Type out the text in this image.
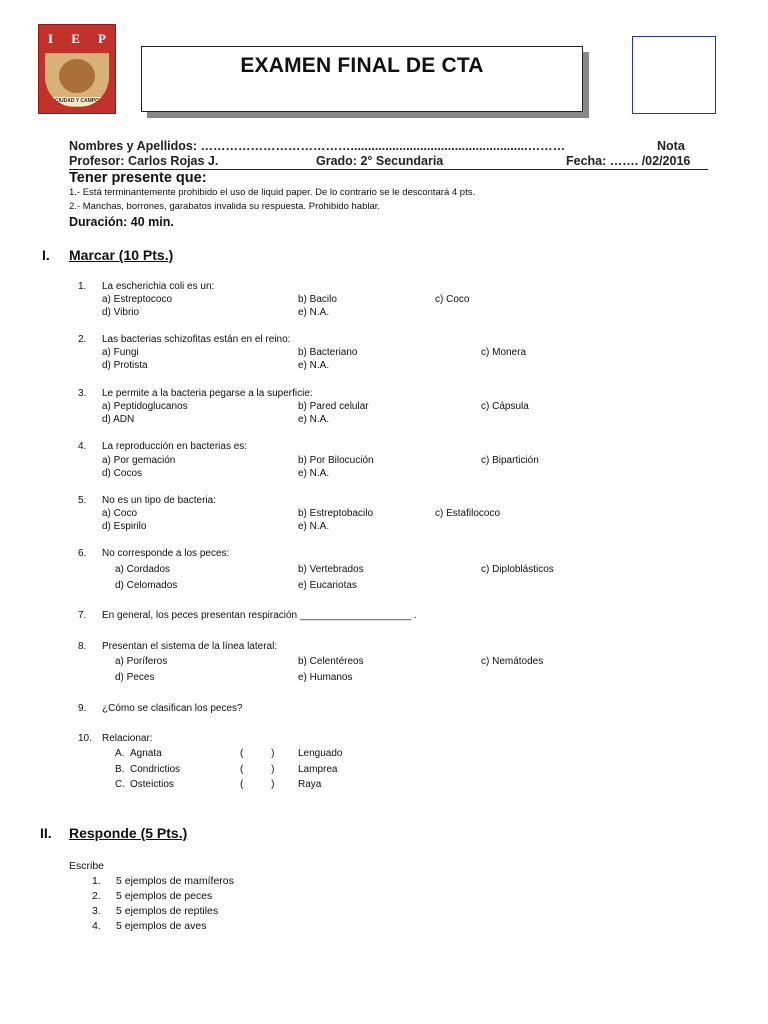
I E P
CIUDAD Y CAMPO
EXAMEN FINAL DE CTA
Nombres y Apellidos: ………………………………...................................................………	Nota
Profesor: Carlos Rojas J.	Grado: 2° Secundaria	Fecha: ……. /02/2016
Tener presente que:
1.- Está terminantemente prohibido el uso de liquid paper. De lo contrario se le descontará 4 pts.
2.- Manchas, borrones, garabatos invalida su respuesta. Prohibido hablar.
Duración: 40 min.
I. Marcar (10 Pts.)
1. La escherichia coli es un:
a) Estreptococo	b) Bacilo	c) Coco
d) Vibrio	e) N.A.
2. Las bacterias schizofitas están en el reino:
a) Fungi	b) Bacteriano	c) Monera
d) Protista	e) N.A.
3. Le permite a la bacteria pegarse a la superficie:
a) Peptidoglucanos	b) Pared celular	c) Cápsula
d) ADN	e) N.A.
4. La reproducción en bacterias es:
a) Por gemación	b) Por Bilocución	c) Bipartición
d) Cocos	e) N.A.
5. No es un tipo de bacteria:
a) Coco	b) Estreptobacilo	c) Estafilococo
d) Espirilo	e) N.A.
6. No corresponde a los peces:
a) Cordados	b) Vertebrados	c) Diploblásticos
d) Celomados	e) Eucariotas
7. En general, los peces presentan respiración ____________________ .
8. Presentan el sistema de la línea lateral:
a) Poríferos	b) Celentéreos	c) Nemátodes
d) Peces	e) Humanos
9. ¿Cómo se clasifican los peces?
10. Relacionar:
A. Agnata	(          ) Lenguado
B. Condrictios	(          ) Lamprea
C. Osteictios	(          ) Raya
II. Responde (5 Pts.)
Escribe
1. 5 ejemplos de mamíferos
2. 5 ejemplos de peces
3. 5 ejemplos de reptiles
4. 5 ejemplos de aves
